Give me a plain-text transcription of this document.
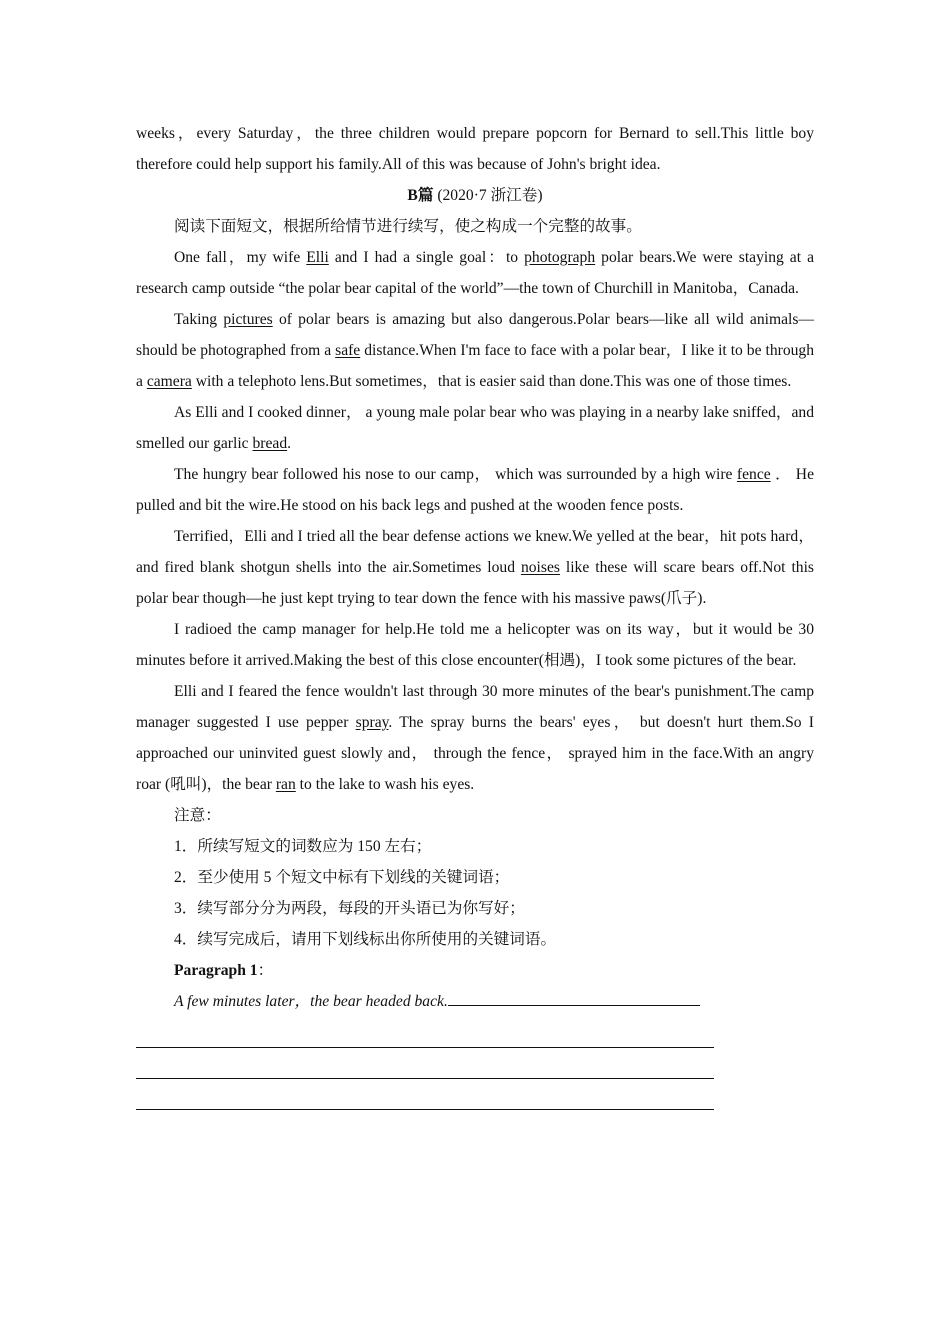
weeks，every Saturday，the three children would prepare popcorn for Bernard to sell.This little boy therefore could help support his family.All of this was because of John's bright idea.

B篇 (2020·7 浙江卷)

阅读下面短文，根据所给情节进行续写，使之构成一个完整的故事。

One fall，my wife Elli and I had a single goal：to photograph polar bears.We were staying at a research camp outside “the polar bear capital of the world”—the town of Churchill in Manitoba，Canada.

Taking pictures of polar bears is amazing but also dangerous.Polar bears—like all wild animals—should be photographed from a safe distance.When I'm face to face with a polar bear，I like it to be through a camera with a telephoto lens.But sometimes，that is easier said than done.This was one of those times.

As Elli and I cooked dinner， a young male polar bear who was playing in a nearby lake sniffed，and smelled our garlic bread.

The hungry bear followed his nose to our camp， which was surrounded by a high wire fence ． He pulled and bit the wire.He stood on his back legs and pushed at the wooden fence posts.

Terrified，Elli and I tried all the bear defense actions we knew.We yelled at the bear，hit pots hard， and fired blank shotgun shells into the air.Sometimes loud noises like these will scare bears off.Not this polar bear though—he just kept trying to tear down the fence with his massive paws(爪子).

I radioed the camp manager for help.He told me a helicopter was on its way，but it would be 30 minutes before it arrived.Making the best of this close encounter(相遇)，I took some pictures of the bear.

Elli and I feared the fence wouldn't last through 30 more minutes of the bear's punishment.The camp manager suggested I use pepper spray. The spray burns the bears' eyes， but doesn't hurt them.So I approached our uninvited guest slowly and， through the fence， sprayed him in the face.With an angry roar (吼叫)，the bear ran to the lake to wash his eyes.

注意：

1．所续写短文的词数应为 150 左右；

2．至少使用 5 个短文中标有下划线的关键词语；

3．续写部分分为两段，每段的开头语已为你写好；

4．续写完成后，请用下划线标出你所使用的关键词语。

Paragraph 1：

A few minutes later，the bear headed back.
